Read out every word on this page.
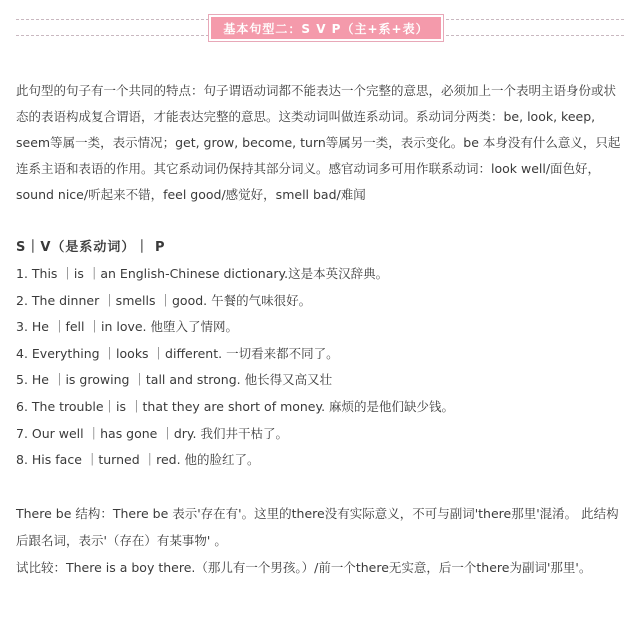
基本句型二：S V P（主+系+表）

此句型的句子有一个共同的特点：句子谓语动词都不能表达一个完整的意思，必须加上一个表明主语身份或状态的表语构成复合谓语，才能表达完整的意思。这类动词叫做连系动词。系动词分两类：be, look, keep, seem等属一类，表示情况；get, grow, become, turn等属另一类，表示变化。be 本身没有什么意义，只起连系主语和表语的作用。其它系动词仍保持其部分词义。感官动词多可用作联系动词：look well/面色好，sound nice/听起来不错，feel good/感觉好，smell bad/难闻

S｜V（是系动词）｜ P

1. This ｜is ｜an English-Chinese dictionary.这是本英汉辞典。
2. The dinner ｜smells ｜good. 午餐的气味很好。
3. He ｜fell ｜in love. 他堕入了情网。
4. Everything ｜looks ｜different. 一切看来都不同了。
5. He ｜is growing ｜tall and strong. 他长得又高又壮
6. The trouble｜is ｜that they are short of money. 麻烦的是他们缺少钱。
7. Our well ｜has gone ｜dry. 我们井干枯了。
8. His face ｜turned ｜red. 他的脸红了。
There be 结构：There be 表示'存在有'。这里的there没有实际意义，不可与副词'there那里'混淆。 此结构后跟名词，表示'（存在）有某事物' 。
试比较：There is a boy there.（那儿有一个男孩。）/前一个there无实意，后一个there为副词'那里'。
